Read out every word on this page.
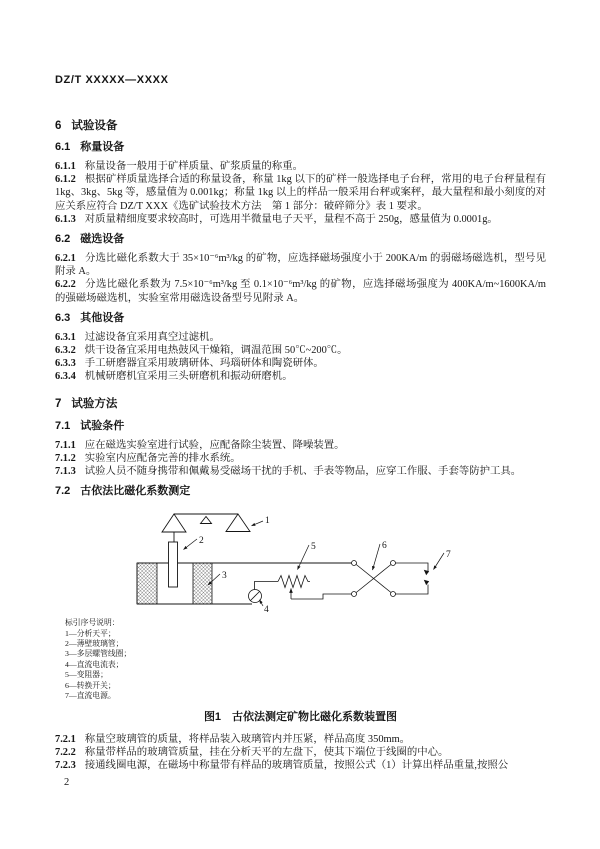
DZ/T XXXXX—XXXX
6 试验设备
6.1 称量设备
6.1.1 称量设备一般用于矿样质量、矿浆质量的称重。
6.1.2 根据矿样质量选择合适的称量设备，称量 1kg 以下的矿样一般选择电子台秤，常用的电子台秤量程有 1kg、3kg、5kg 等，感量值为 0.001kg；称量 1kg 以上的样品一般采用台秤或案秤，最大量程和最小刻度的对应关系应符合 DZ/T XXX《选矿试验技术方法　第 1 部分：破碎筛分》表 1 要求。
6.1.3 对质量精细度要求较高时，可选用半微量电子天平，量程不高于 250g，感量值为 0.0001g。
6.2 磁选设备
6.2.1 分选比磁化系数大于 35×10⁻⁶m³/kg 的矿物，应选择磁场强度小于 200KA/m 的弱磁场磁选机，型号见附录 A。
6.2.2 分选比磁化系数为 7.5×10⁻⁶m³/kg 至 0.1×10⁻⁶m³/kg 的矿物，应选择磁场强度为 400KA/m~1600KA/m 的强磁场磁选机，实验室常用磁选设备型号见附录 A。
6.3 其他设备
6.3.1 过滤设备宜采用真空过滤机。
6.3.2 烘干设备宜采用电热鼓风干燥箱，调温范围 50℃~200℃。
6.3.3 手工研磨器宜采用玻璃研体、玛瑙研体和陶瓷研体。
6.3.4 机械研磨机宜采用三头研磨机和振动研磨机。
7 试验方法
7.1 试验条件
7.1.1 应在磁选实验室进行试验，应配备除尘装置、降噪装置。
7.1.2 实验室内应配备完善的排水系统。
7.1.3 试验人员不随身携带和佩戴易受磁场干扰的手机、手表等物品，应穿工作服、手套等防护工具。
7.2 古依法比磁化系数测定
1
2
3
4
5	6
7
标引序号说明：
1—分析天平；
2—薄壁玻璃管；
3—多层螺管线圈；
4—直流电流表；
5—变阻器；
6—转换开关；
7—直流电源。
图1　古依法测定矿物比磁化系数装置图
7.2.1 称量空玻璃管的质量，将样品装入玻璃管内并压紧，样品高度 350mm。
7.2.2 称量带样品的玻璃管质量，挂在分析天平的左盘下，使其下端位于线圈的中心。
7.2.3 接通线圈电源，在磁场中称量带有样品的玻璃管质量，按照公式（1）计算出样品重量,按照公
2
